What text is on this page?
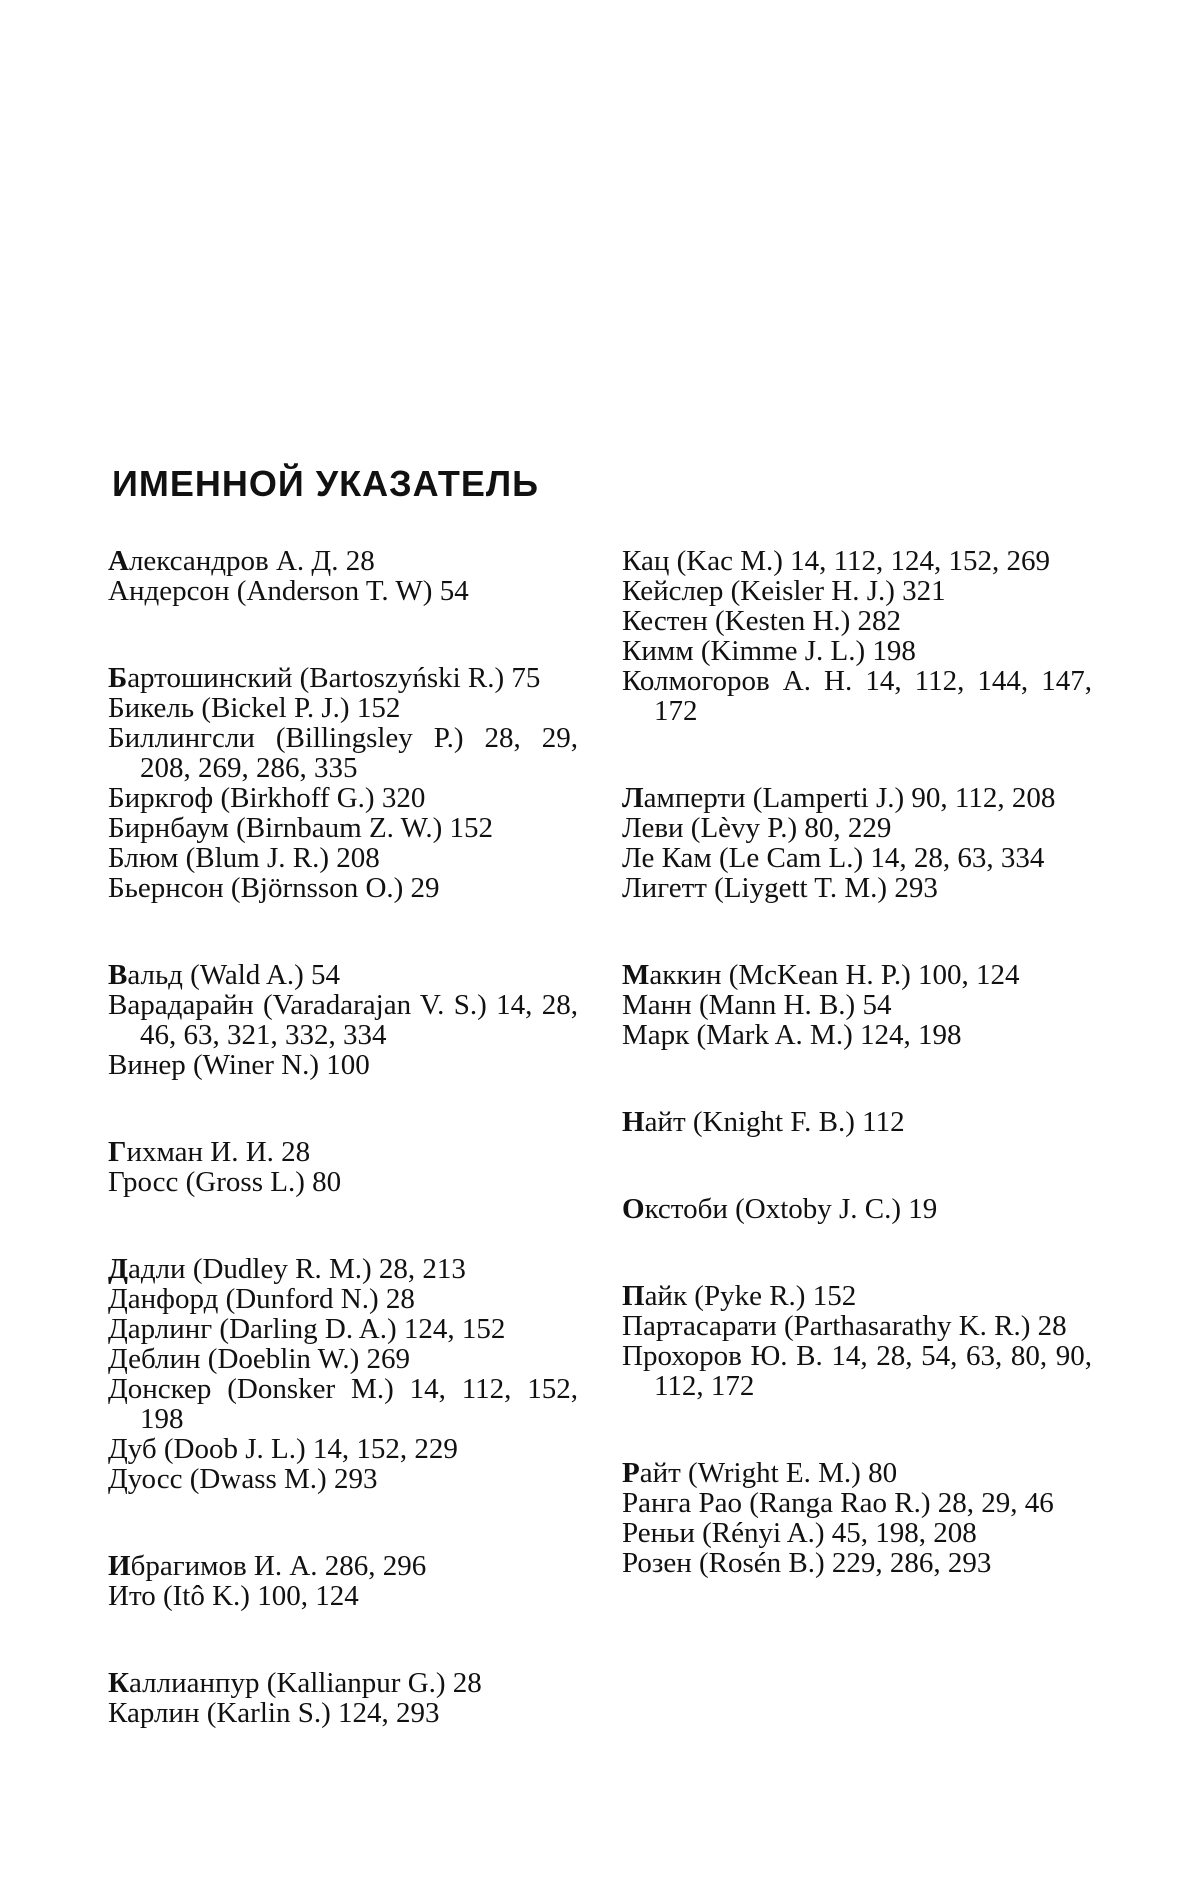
ИМЕННОЙ УКАЗАТЕЛЬ
Александров А. Д. 28
Андерсон (Anderson T. W) 54
Бартошинский (Bartoszyński R.) 75
Бикель (Bickel P. J.) 152
Биллингсли (Billingsley P.) 28, 29, 208, 269, 286, 335
Биркгоф (Birkhoff G.) 320
Бирнбаум (Birnbaum Z. W.) 152
Блюм (Blum J. R.) 208
Бьернсон (Björnsson O.) 29
Вальд (Wald A.) 54
Варадарайн (Varadarajan V. S.) 14, 28, 46, 63, 321, 332, 334
Винер (Winer N.) 100
Гихман И. И. 28
Гросс (Gross L.) 80
Дадли (Dudley R. M.) 28, 213
Данфорд (Dunford N.) 28
Дарлинг (Darling D. A.) 124, 152
Деблин (Doeblin W.) 269
Донскер (Donsker M.) 14, 112, 152, 198
Дуб (Doob J. L.) 14, 152, 229
Дуосс (Dwass M.) 293
Ибрагимов И. А. 286, 296
Ито (Itô K.) 100, 124
Каллианпур (Kallianpur G.) 28
Карлин (Karlin S.) 124, 293
Кац (Kac M.) 14, 112, 124, 152, 269
Кейслер (Keisler H. J.) 321
Кестен (Kesten H.) 282
Кимм (Kimme J. L.) 198
Колмогоров А. Н. 14, 112, 144, 147, 172
Ламперти (Lamperti J.) 90, 112, 208
Леви (Lèvy P.) 80, 229
Ле Кам (Le Cam L.) 14, 28, 63, 334
Лигетт (Liygett T. M.) 293
Маккин (McKean H. P.) 100, 124
Манн (Mann H. B.) 54
Марк (Mark A. M.) 124, 198
Найт (Knight F. B.) 112
Окстоби (Oxtoby J. C.) 19
Пайк (Pyke R.) 152
Партасарати (Parthasarathy K. R.) 28
Прохоров Ю. В. 14, 28, 54, 63, 80, 90, 112, 172
Райт (Wright E. M.) 80
Ранга Рао (Ranga Rao R.) 28, 29, 46
Реньи (Rényi A.) 45, 198, 208
Розен (Rosén B.) 229, 286, 293
